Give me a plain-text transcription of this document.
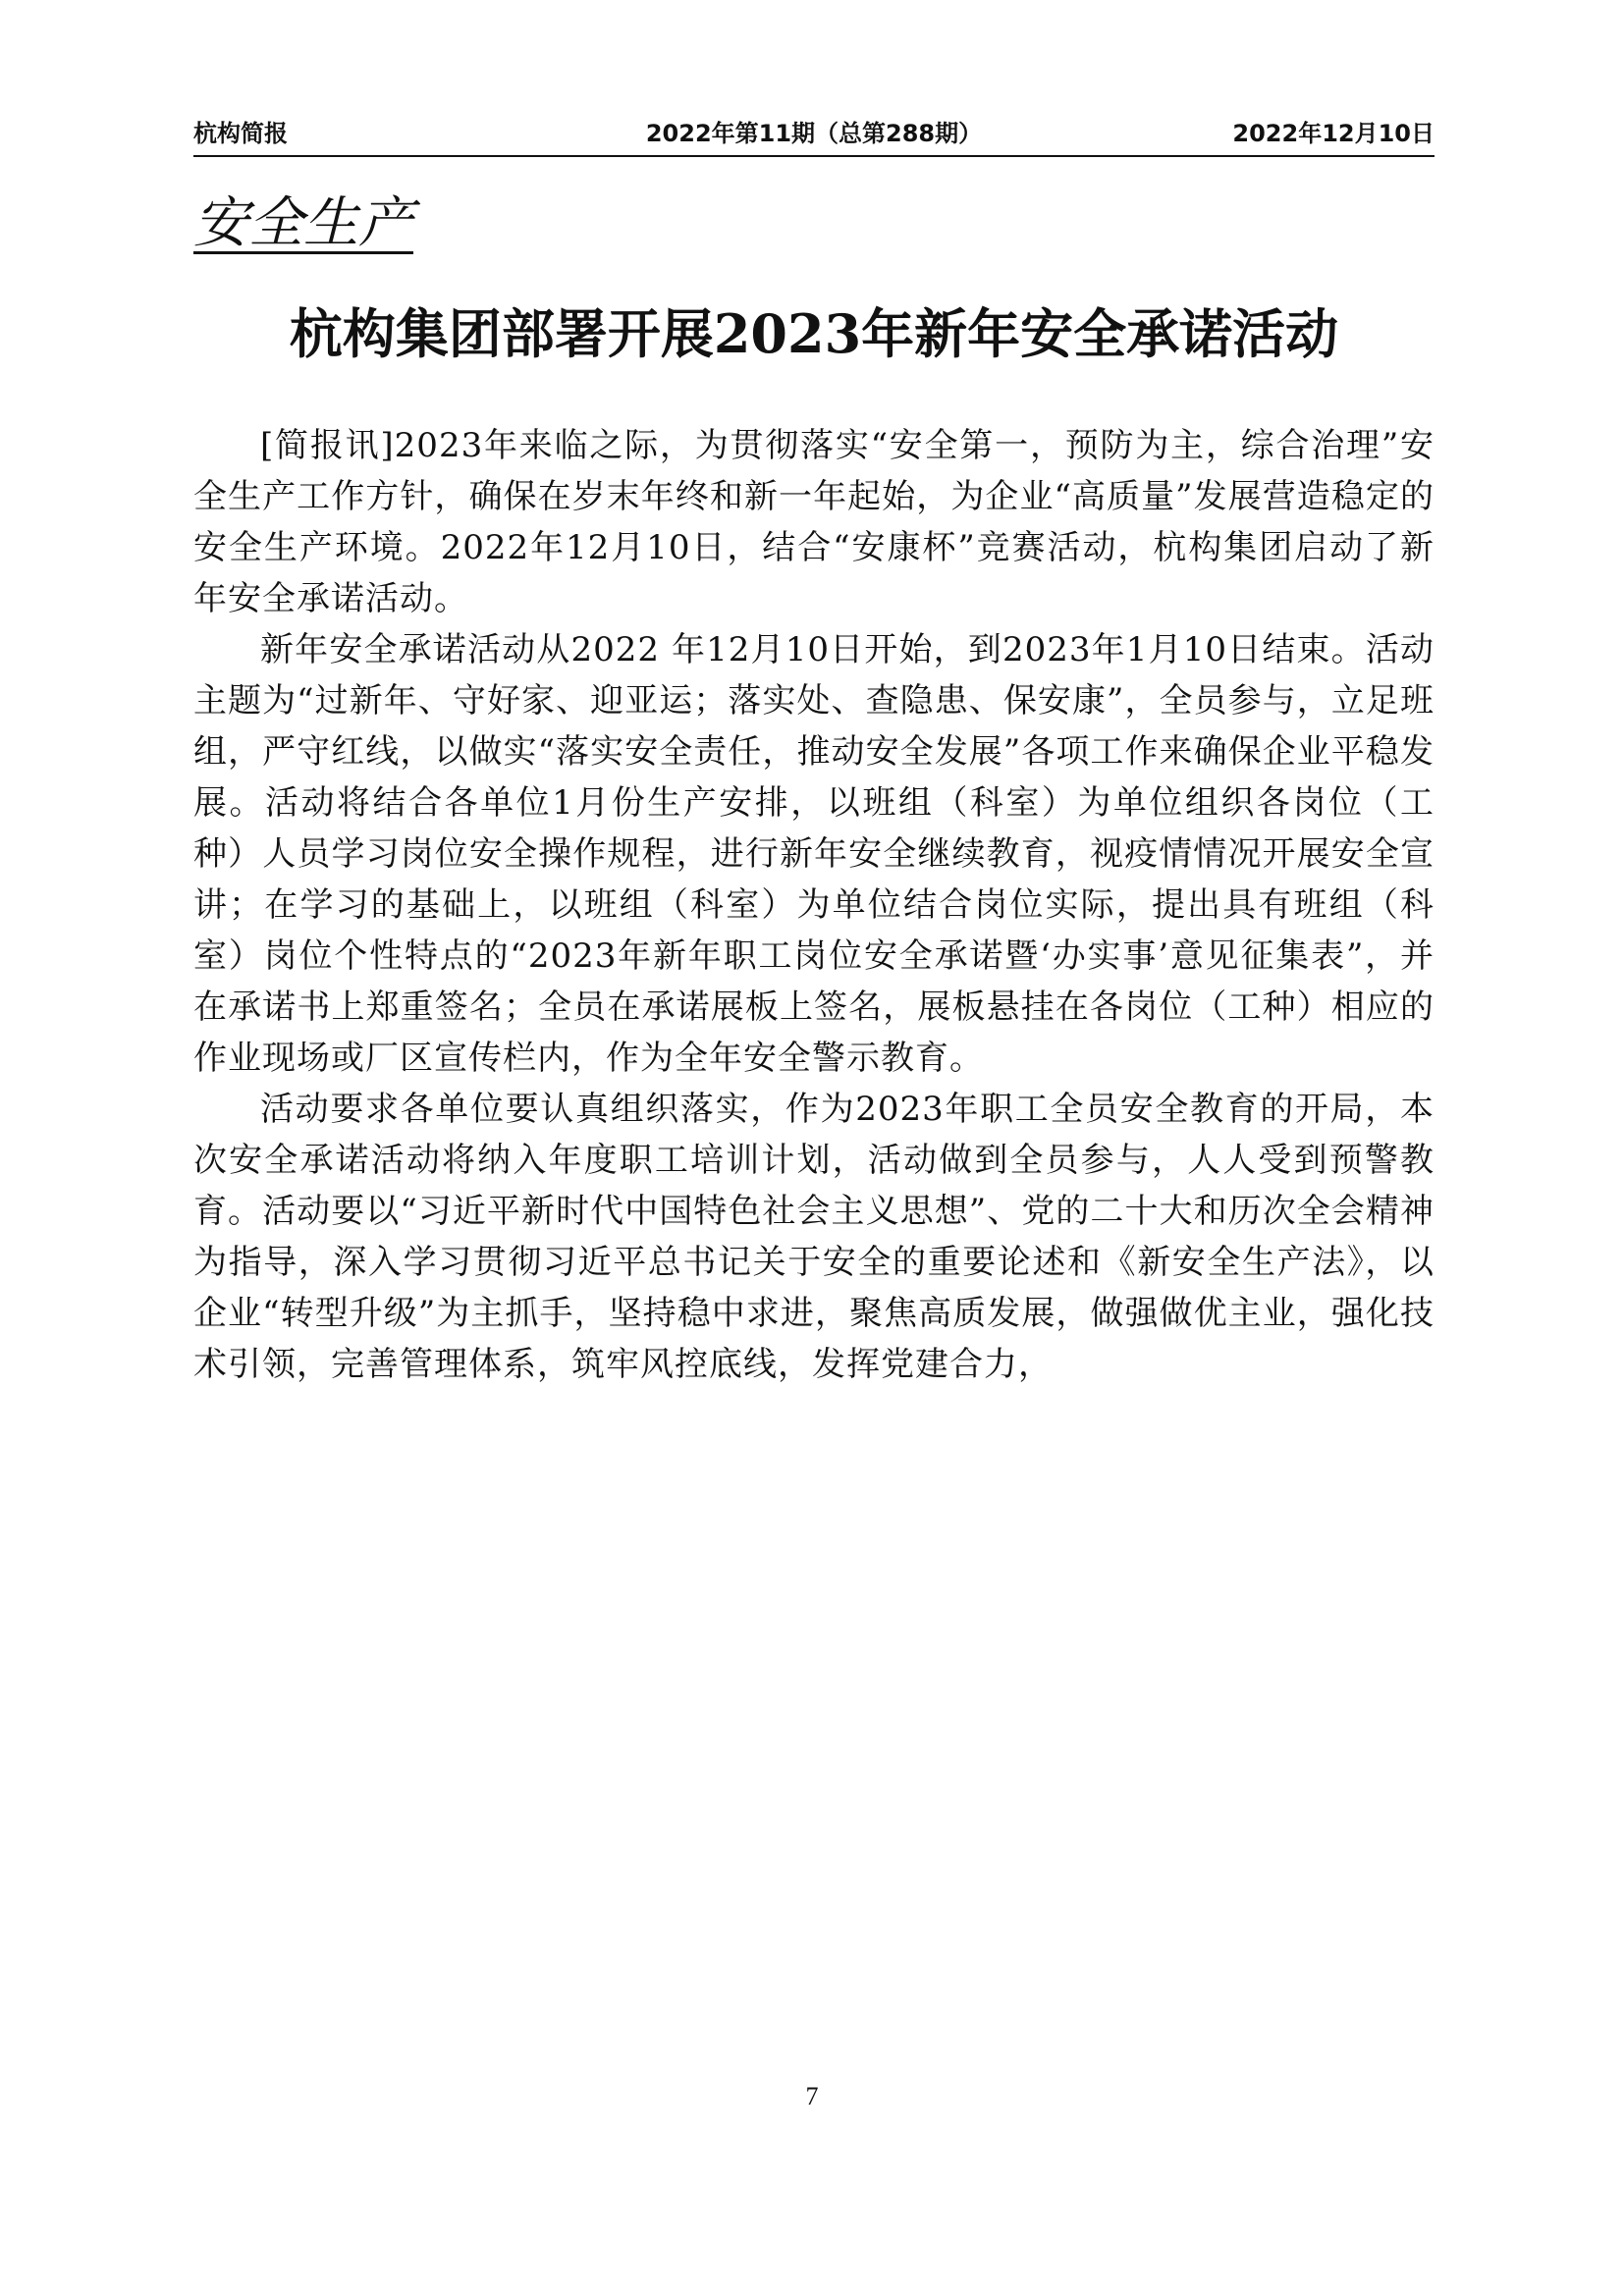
杭构简报	2022年第11期（总第288期）	2022年12月10日
安全生产
杭构集团部署开展2023年新年安全承诺活动

[简报讯]2023年来临之际，为贯彻落实“安全第一，预防为主，综合治理”安全生产工作方针，确保在岁末年终和新一年起始，为企业“高质量”发展营造稳定的安全生产环境。2022年12月10日，结合“安康杯”竞赛活动，杭构集团启动了新年安全承诺活动。

新年安全承诺活动从2022 年12月10日开始，到2023年1月10日结束。活动主题为“过新年、守好家、迎亚运；落实处、查隐患、保安康”，全员参与，立足班组，严守红线，以做实“落实安全责任，推动安全发展”各项工作来确保企业平稳发展。活动将结合各单位1月份生产安排，以班组（科室）为单位组织各岗位（工种）人员学习岗位安全操作规程，进行新年安全继续教育，视疫情情况开展安全宣讲；在学习的基础上，以班组（科室）为单位结合岗位实际，提出具有班组（科室）岗位个性特点的“2023年新年职工岗位安全承诺暨‘办实事’意见征集表”，并在承诺书上郑重签名；全员在承诺展板上签名，展板悬挂在各岗位（工种）相应的作业现场或厂区宣传栏内，作为全年安全警示教育。

活动要求各单位要认真组织落实，作为2023年职工全员安全教育的开局，本次安全承诺活动将纳入年度职工培训计划，活动做到全员参与，人人受到预警教育。活动要以“习近平新时代中国特色社会主义思想”、党的二十大和历次全会精神为指导，深入学习贯彻习近平总书记关于安全的重要论述和《新安全生产法》，以企业“转型升级”为主抓手，坚持稳中求进，聚焦高质发展，做强做优主业，强化技术引领，完善管理体系，筑牢风控底线，发挥党建合力，

7
